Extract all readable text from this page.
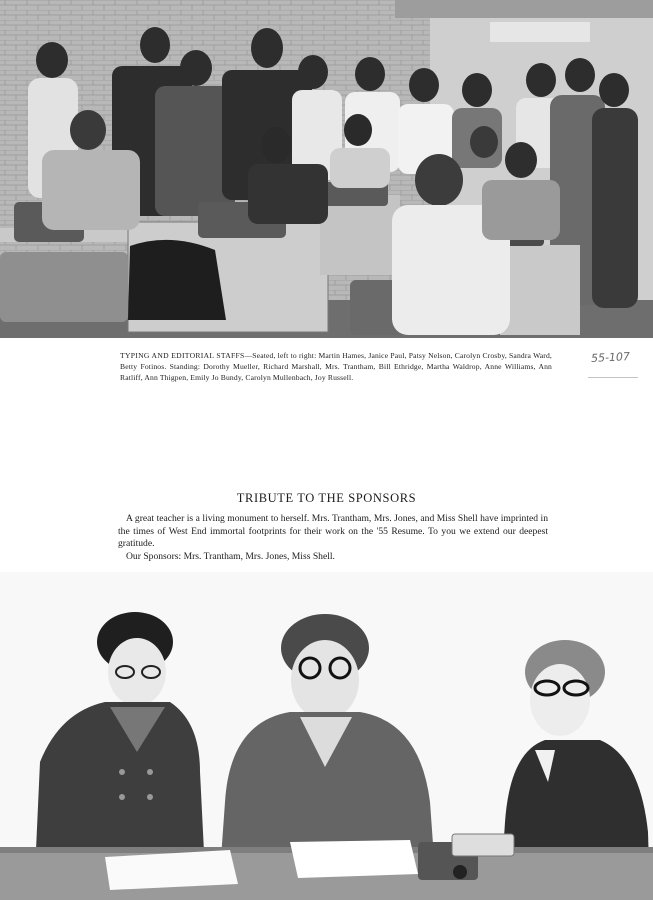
TYPING AND EDITORIAL STAFFS—Seated, left to right: Martin Hames, Janice Paul, Patsy Nelson, Carolyn Crosby, Sandra Ward, Betty Fotinos. Standing: Dorothy Mueller, Richard Marshall, Mrs. Trantham, Bill Ethridge, Martha Waldrop, Anne Williams, Ann Ratliff, Ann Thigpen, Emily Jo Bundy, Carolyn Mullenbach, Joy Russell.
55-107
TRIBUTE TO THE SPONSORS
A great teacher is a living monument to herself. Mrs. Trantham, Mrs. Jones, and Miss Shell have imprinted in the times of West End immortal footprints for their work on the '55 Resume. To you we extend our deepest gratitude.
Our Sponsors: Mrs. Trantham, Mrs. Jones, Miss Shell.
